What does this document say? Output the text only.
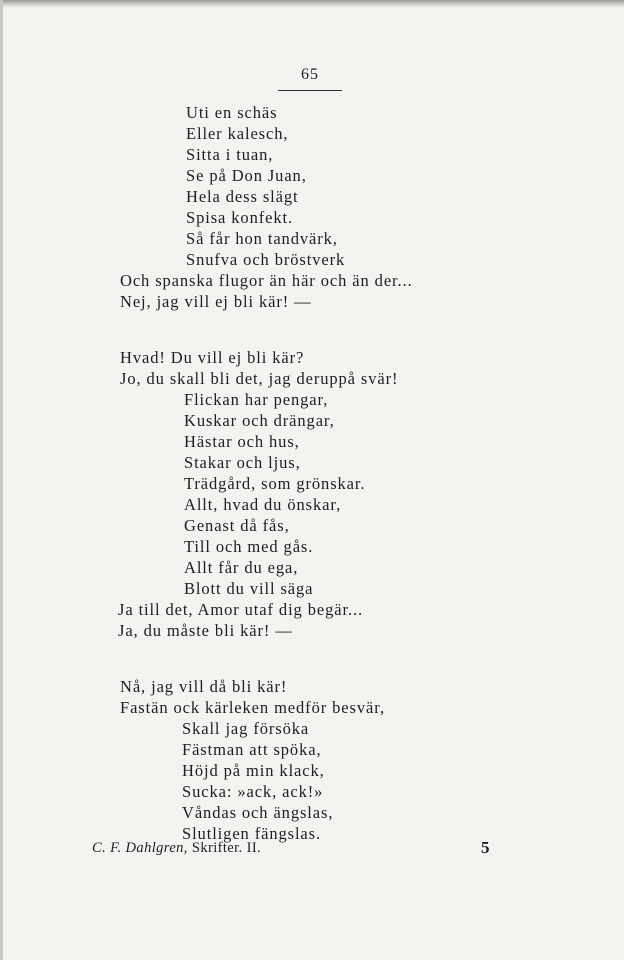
65
Uti en schäs
Eller kalesch,
Sitta i tuan,
Se på Don Juan,
Hela dess slägt
Spisa konfekt.
Så får hon tandvärk,
Snufva och bröstverk
Och spanska flugor än här och än der...
Nej, jag vill ej bli kär! —
Hvad! Du vill ej bli kär?
Jo, du skall bli det, jag deruppå svär!
Flickan har pengar,
Kuskar och drängar,
Hästar och hus,
Stakar och ljus,
Trädgård, som grönskar.
Allt, hvad du önskar,
Genast då fås,
Till och med gås.
Allt får du ega,
Blott du vill säga
Ja till det, Amor utaf dig begär...
Ja, du måste bli kär! —
Nå, jag vill då bli kär!
Fastän ock kärleken medför besvär,
Skall jag försöka
Fästman att spöka,
Höjd på min klack,
Sucka: »ack, ack!»
Våndas och ängslas,
Slutligen fängslas.
C. F. Dahlgren, Skrifter. II.	5
